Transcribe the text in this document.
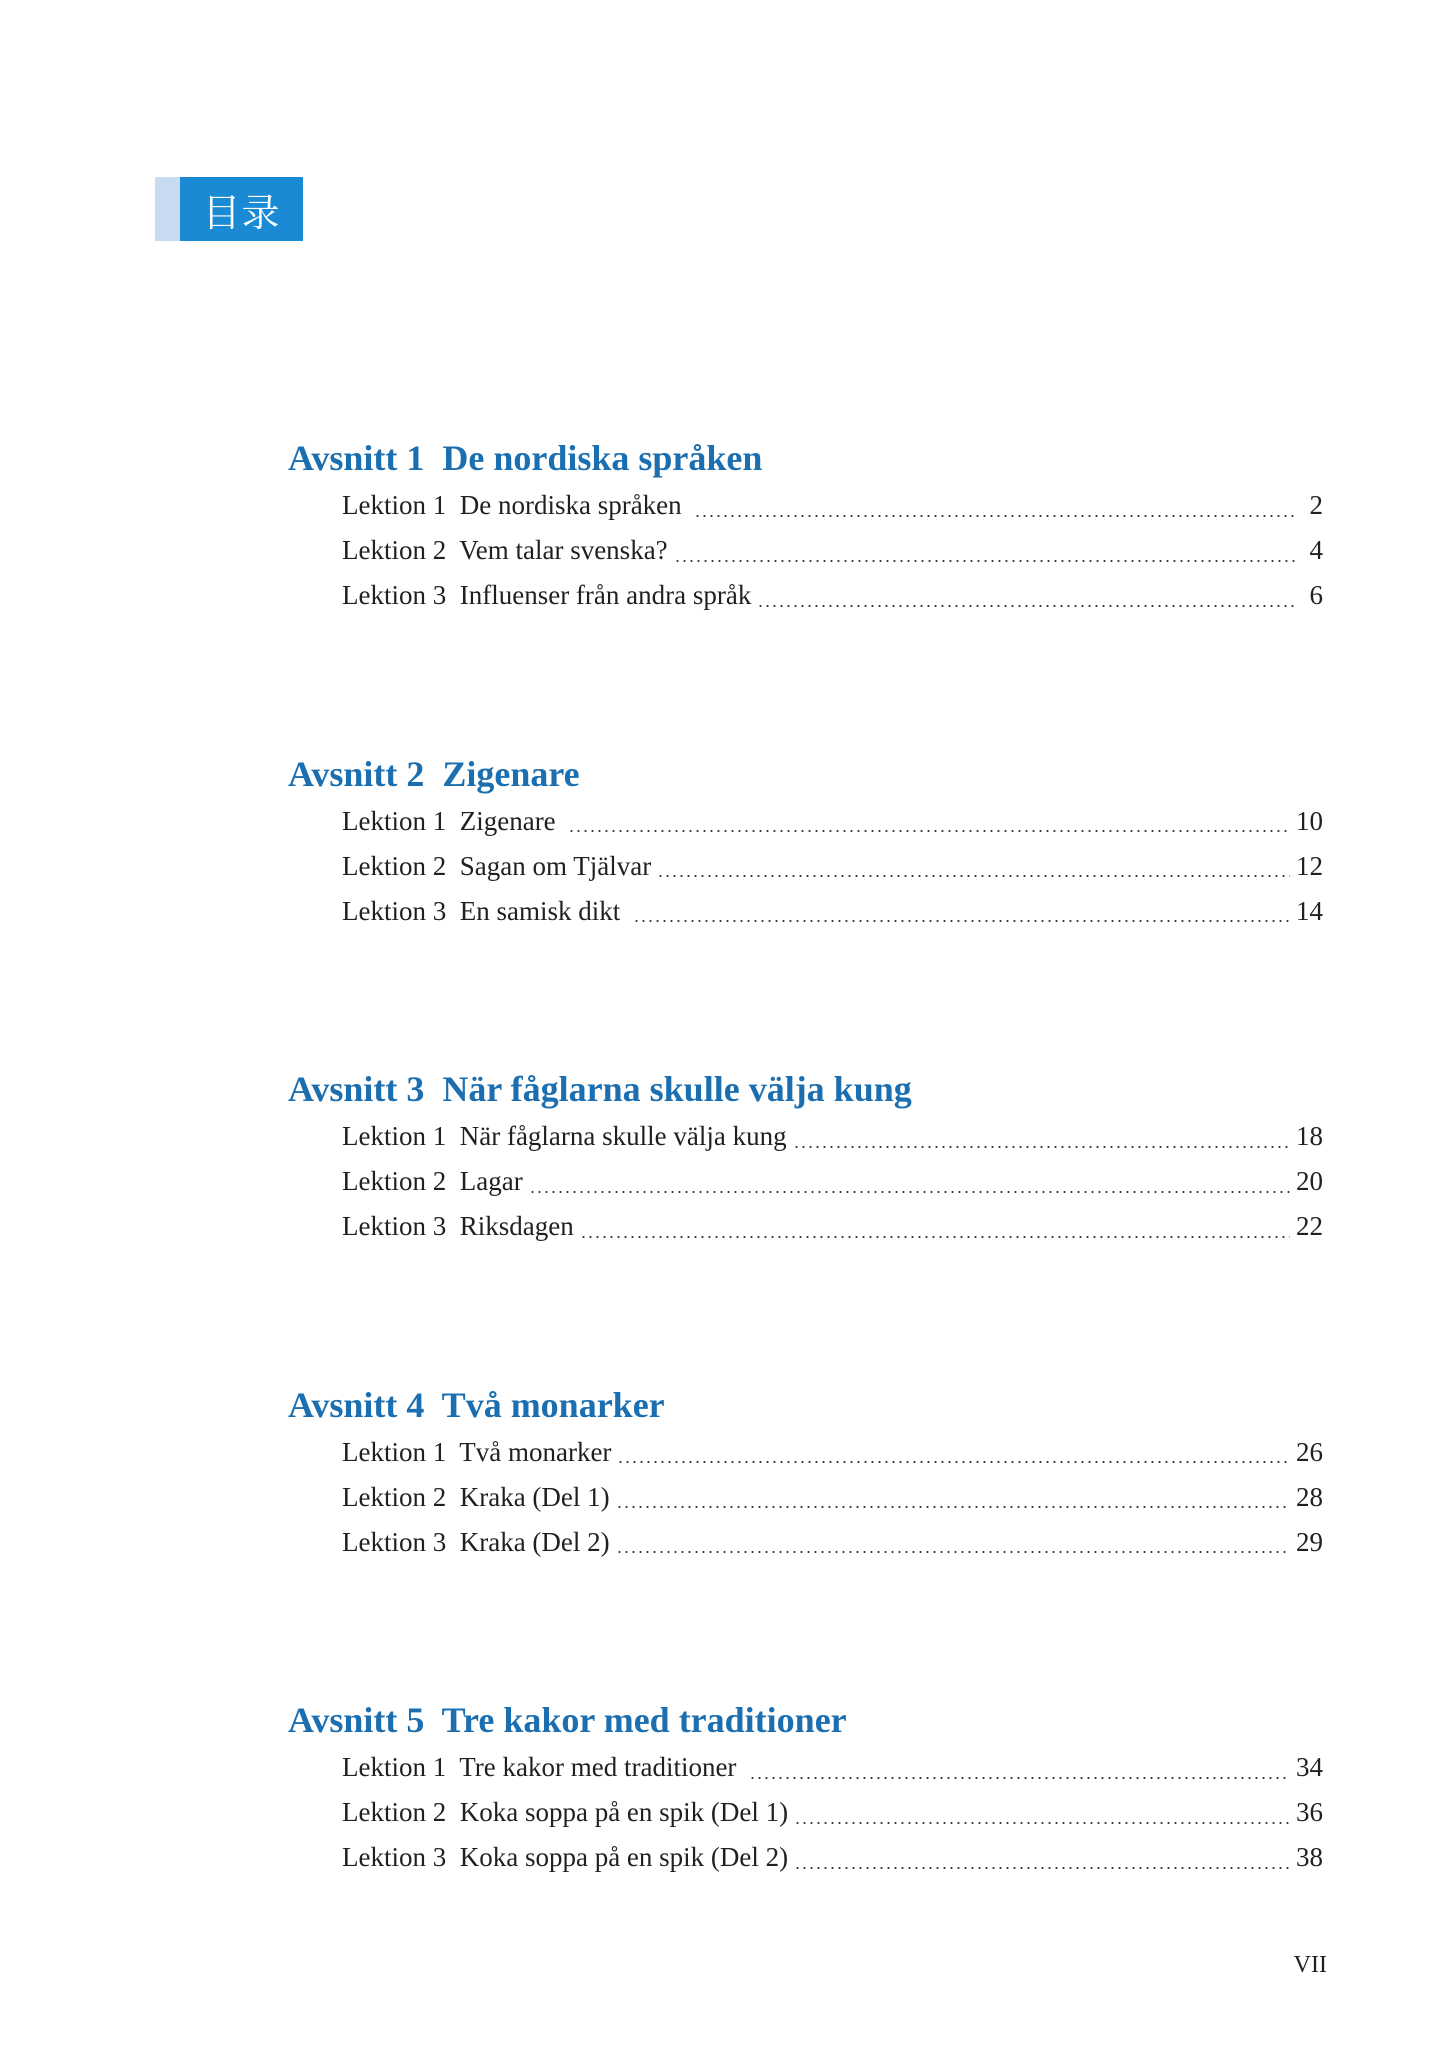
目录
Avsnitt 1  De nordiska språken
Lektion 1  De nordiska språken	2
Lektion 2  Vem talar svenska?	4
Lektion 3  Influenser från andra språk	6
Avsnitt 2  Zigenare
Lektion 1  Zigenare	10
Lektion 2  Sagan om Tjälvar	12
Lektion 3  En samisk dikt	14
Avsnitt 3  När fåglarna skulle välja kung
Lektion 1  När fåglarna skulle välja kung	18
Lektion 2  Lagar	20
Lektion 3  Riksdagen	22
Avsnitt 4  Två monarker
Lektion 1  Två monarker	26
Lektion 2  Kraka (Del 1)	28
Lektion 3  Kraka (Del 2)	29
Avsnitt 5  Tre kakor med traditioner
Lektion 1  Tre kakor med traditioner	34
Lektion 2  Koka soppa på en spik (Del 1)	36
Lektion 3  Koka soppa på en spik (Del 2)	38
VII
